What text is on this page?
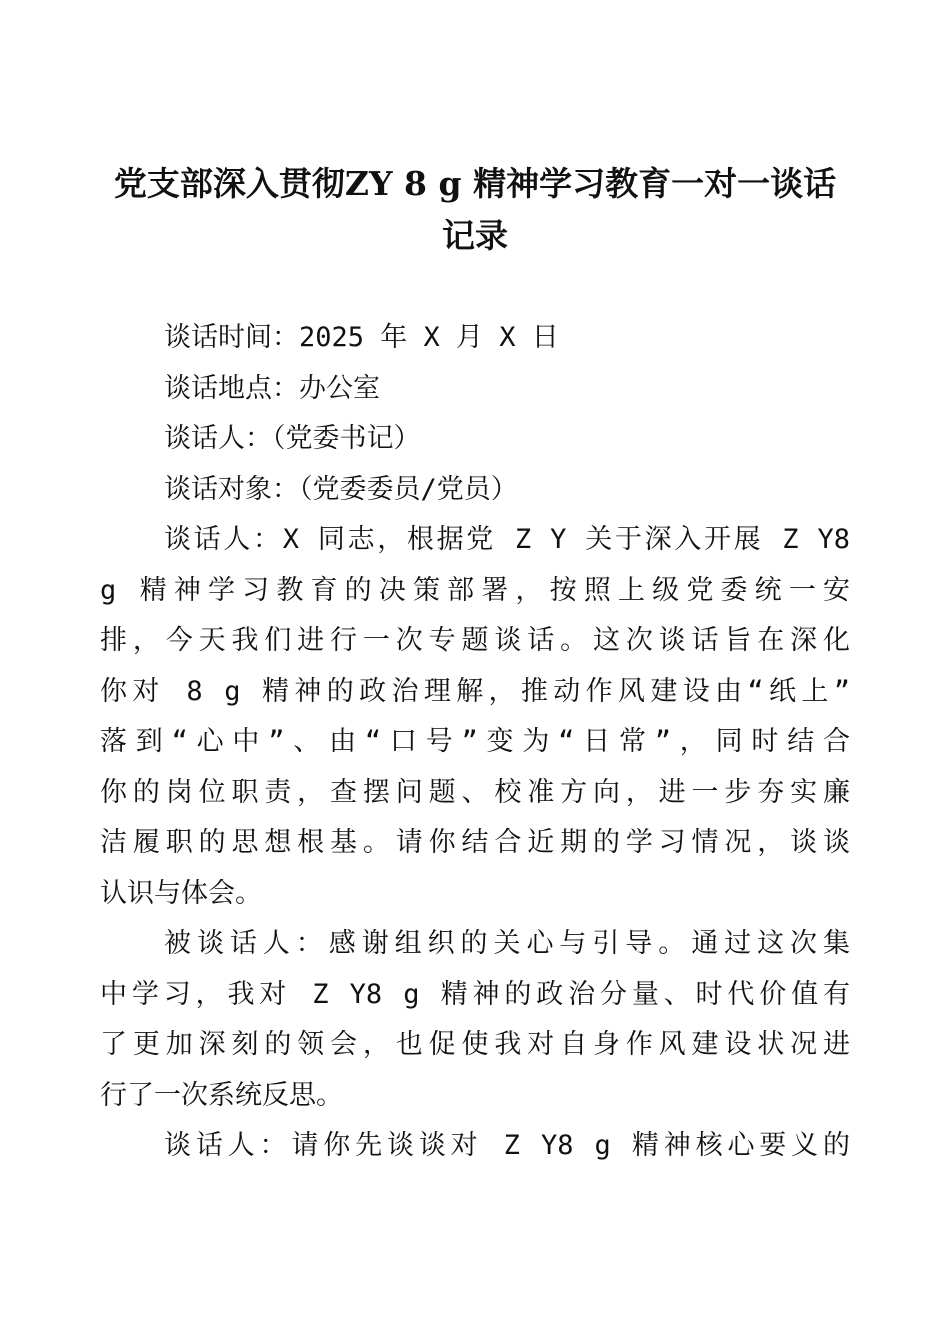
党支部深入贯彻ZY 8 g 精神学习教育一对一谈话
记录
谈话时间：2025 年 X 月 X 日
谈话地点：办公室
谈话人：（党委书记）
谈话对象：（党委委员/党员）
谈话人：X 同志，根据党 Z Y 关于深入开展 Z Y8
g 精神学习教育的决策部署，按照上级党委统一安
排，今天我们进行一次专题谈话。这次谈话旨在深化
你对 8 g 精神的政治理解，推动作风建设由“纸上”
落到“心中”、由“口号”变为“日常”，同时结合
你的岗位职责，查摆问题、校准方向，进一步夯实廉
洁履职的思想根基。请你结合近期的学习情况，谈谈
认识与体会。
被谈话人：感谢组织的关心与引导。通过这次集
中学习，我对 Z Y8 g 精神的政治分量、时代价值有
了更加深刻的领会，也促使我对自身作风建设状况进
行了一次系统反思。
谈话人：请你先谈谈对 Z Y8 g 精神核心要义的
